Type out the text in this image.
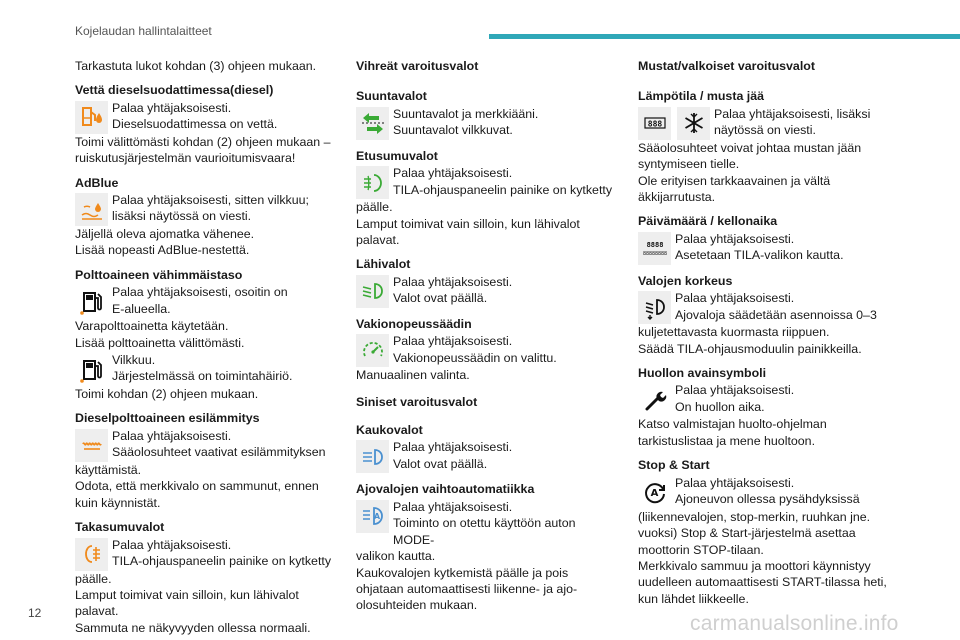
Kojelaudan hallintalaitteet
Tarkastuta lukot kohdan (3) ohjeen mukaan.
Vettä dieselsuodattimessa(diesel)
Palaa yhtäjaksoisesti.
Dieselsuodattimessa on vettä.
Toimi välittömästi kohdan (2) ohjeen mukaan – ruiskutusjärjestelmän vaurioitumisvaara!
AdBlue
Palaa yhtäjaksoisesti, sitten vilkkuu;
lisäksi näytössä on viesti.
Jäljellä oleva ajomatka vähenee.
Lisää nopeasti AdBlue-nestettä.
Polttoaineen vähimmäistaso
Palaa yhtäjaksoisesti, osoitin on
E-alueella.
Varapolttoainetta käytetään.
Lisää polttoainetta välittömästi.
Vilkkuu.
Järjestelmässä on toimintahäiriö.
Toimi kohdan (2) ohjeen mukaan.
Dieselpolttoaineen esilämmitys
Palaa yhtäjaksoisesti.
Sääolosuhteet vaativat esilämmityksen
käyttämistä.
Odota, että merkkivalo on sammunut, ennen kuin käynnistät.
Takasumuvalot
Palaa yhtäjaksoisesti.
TILA-ohjauspaneelin painike on kytketty
päälle.
Lamput toimivat vain silloin, kun lähivalot palavat.
Sammuta ne näkyvyyden ollessa normaali.
Vihreät varoitusvalot
Suuntavalot
Suuntavalot ja merkkiääni.
Suuntavalot vilkkuvat.
Etusumuvalot
Palaa yhtäjaksoisesti.
TILA-ohjauspaneelin painike on kytketty
päälle.
Lamput toimivat vain silloin, kun lähivalot palavat.
Lähivalot
Palaa yhtäjaksoisesti.
Valot ovat päällä.
Vakionopeussäädin
Palaa yhtäjaksoisesti.
Vakionopeussäädin on valittu.
Manuaalinen valinta.
Siniset varoitusvalot
Kaukovalot
Palaa yhtäjaksoisesti.
Valot ovat päällä.
Ajovalojen vaihtoautomatiikka
A
Palaa yhtäjaksoisesti.
Toiminto on otettu käyttöön auton MODE-
valikon kautta.
Kaukovalojen kytkemistä päälle ja pois ohjataan automaattisesti liikenne- ja ajo-olosuhteiden mukaan.
Mustat/valkoiset varoitusvalot
Lämpötila / musta jää
888
Palaa yhtäjaksoisesti, lisäksi
näytössä on viesti.
Sääolosuhteet voivat johtaa mustan jään syntymiseen tielle.
Ole erityisen tarkkaavainen ja vältä äkkijarrutusta.
Päivämäärä / kellonaika
8888
88888888
Palaa yhtäjaksoisesti.
Asetetaan TILA-valikon kautta.
Valojen korkeus
Palaa yhtäjaksoisesti.
Ajovaloja säädetään asennoissa 0–3
kuljetettavasta kuormasta riippuen.
Säädä TILA-ohjausmoduulin painikkeilla.
Huollon avainsymboli
Palaa yhtäjaksoisesti.
On huollon aika.
Katso valmistajan huolto-ohjelman tarkistuslistaa ja mene huoltoon.
Stop & Start
A
Palaa yhtäjaksoisesti.
Ajoneuvon ollessa pysähdyksissä
(liikennevalojen, stop-merkin, ruuhkan jne. vuoksi) Stop & Start-järjestelmä asettaa moottorin STOP-tilaan.
Merkkivalo sammuu ja moottori käynnistyy uudelleen automaattisesti START-tilassa heti, kun lähdet liikkeelle.
12	carmanualsonline.info
